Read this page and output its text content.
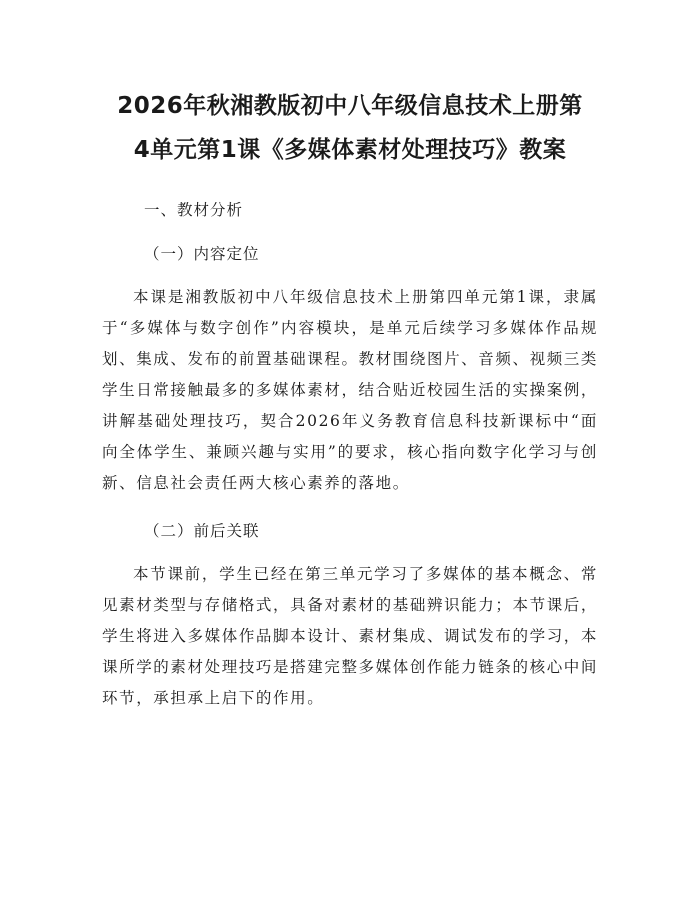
2026年秋湘教版初中八年级信息技术上册第
4单元第1课《多媒体素材处理技巧》教案
一、教材分析
（一）内容定位

本课是湘教版初中八年级信息技术上册第四单元第1课，隶属于“多媒体与数字创作”内容模块，是单元后续学习多媒体作品规划、集成、发布的前置基础课程。教材围绕图片、音频、视频三类学生日常接触最多的多媒体素材，结合贴近校园生活的实操案例，讲解基础处理技巧，契合2026年义务教育信息科技新课标中“面向全体学生、兼顾兴趣与实用”的要求，核心指向数字化学习与创新、信息社会责任两大核心素养的落地。

（二）前后关联

本节课前，学生已经在第三单元学习了多媒体的基本概念、常见素材类型与存储格式，具备对素材的基础辨识能力；本节课后，学生将进入多媒体作品脚本设计、素材集成、调试发布的学习，本课所学的素材处理技巧是搭建完整多媒体创作能力链条的核心中间环节，承担承上启下的作用。
